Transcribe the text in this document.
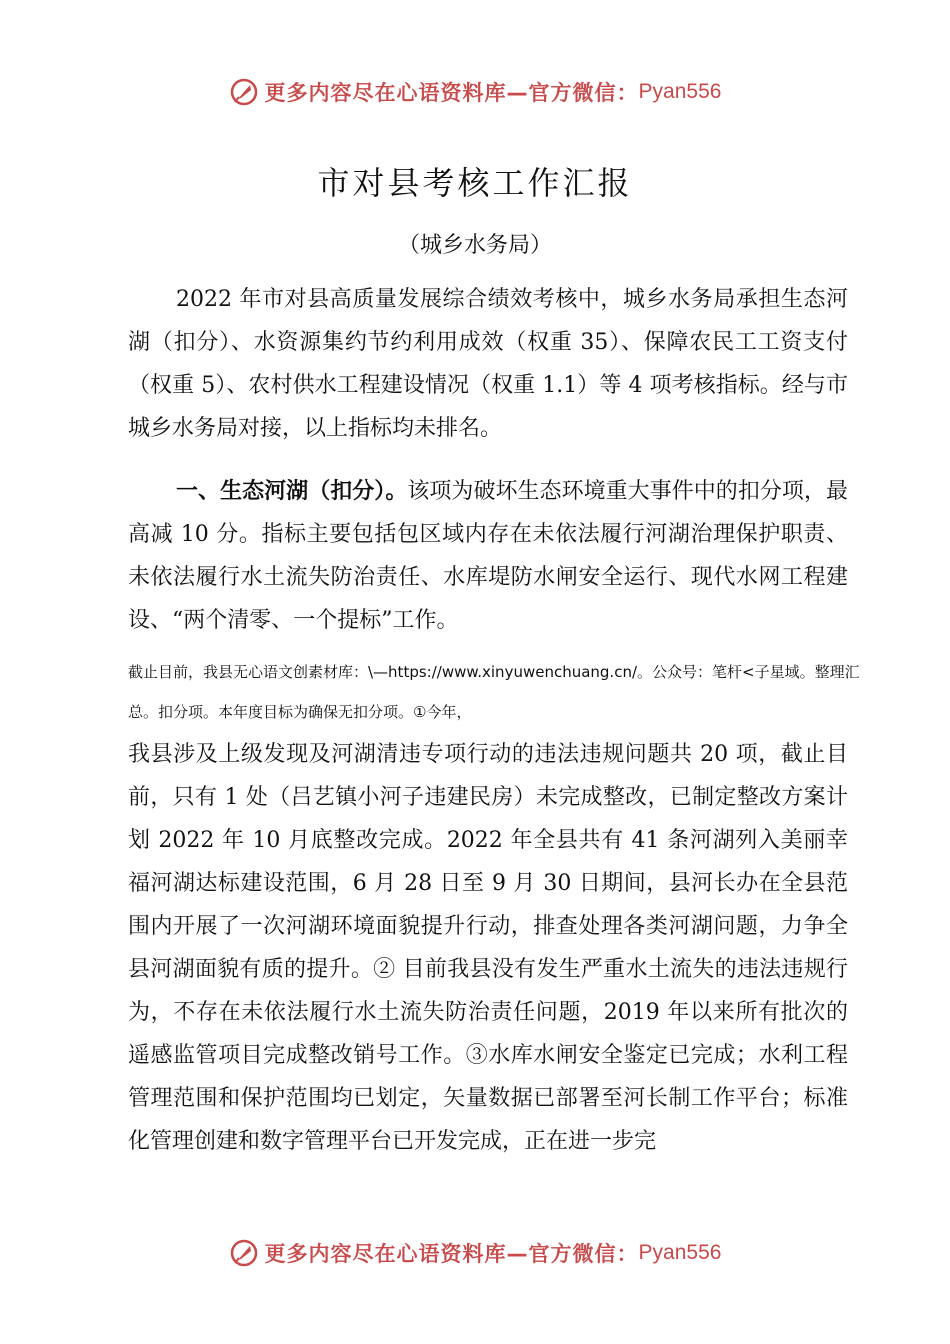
更多内容尽在心语资料库—官方微信： Pyan556
市对县考核工作汇报
（城乡水务局）
2022 年市对县高质量发展综合绩效考核中，城乡水务局承担生态河湖（扣分）、水资源集约节约利用成效（权重 35）、保障农民工工资支付（权重 5）、农村供水工程建设情况（权重 1.1）等 4 项考核指标。经与市城乡水务局对接，以上指标均未排名。
一、生态河湖（扣分）。该项为破坏生态环境重大事件中的扣分项，最高减 10 分。指标主要包括包区域内存在未依法履行河湖治理保护职责、未依法履行水土流失防治责任、水库堤防水闸安全运行、现代水网工程建设、“两个清零、一个提标”工作。
截止目前，我县无心语文创素材库：\—https://www.xinyuwenchuang.cn/。公众号：笔杆<子星域。整理汇总。扣分项。本年度目标为确保无扣分项。①今年，
我县涉及上级发现及河湖清违专项行动的违法违规问题共 20 项，截止目前，只有 1 处（吕艺镇小河子违建民房）未完成整改，已制定整改方案计划 2022 年 10 月底整改完成。2022 年全县共有 41 条河湖列入美丽幸福河湖达标建设范围，6 月 28 日至 9 月 30 日期间，县河长办在全县范围内开展了一次河湖环境面貌提升行动，排查处理各类河湖问题，力争全县河湖面貌有质的提升。② 目前我县没有发生严重水土流失的违法违规行为，不存在未依法履行水土流失防治责任问题，2019 年以来所有批次的遥感监管项目完成整改销号工作。③水库水闸安全鉴定已完成；水利工程管理范围和保护范围均已划定，矢量数据已部署至河长制工作平台；标准化管理创建和数字管理平台已开发完成，正在进一步完
更多内容尽在心语资料库—官方微信： Pyan556
